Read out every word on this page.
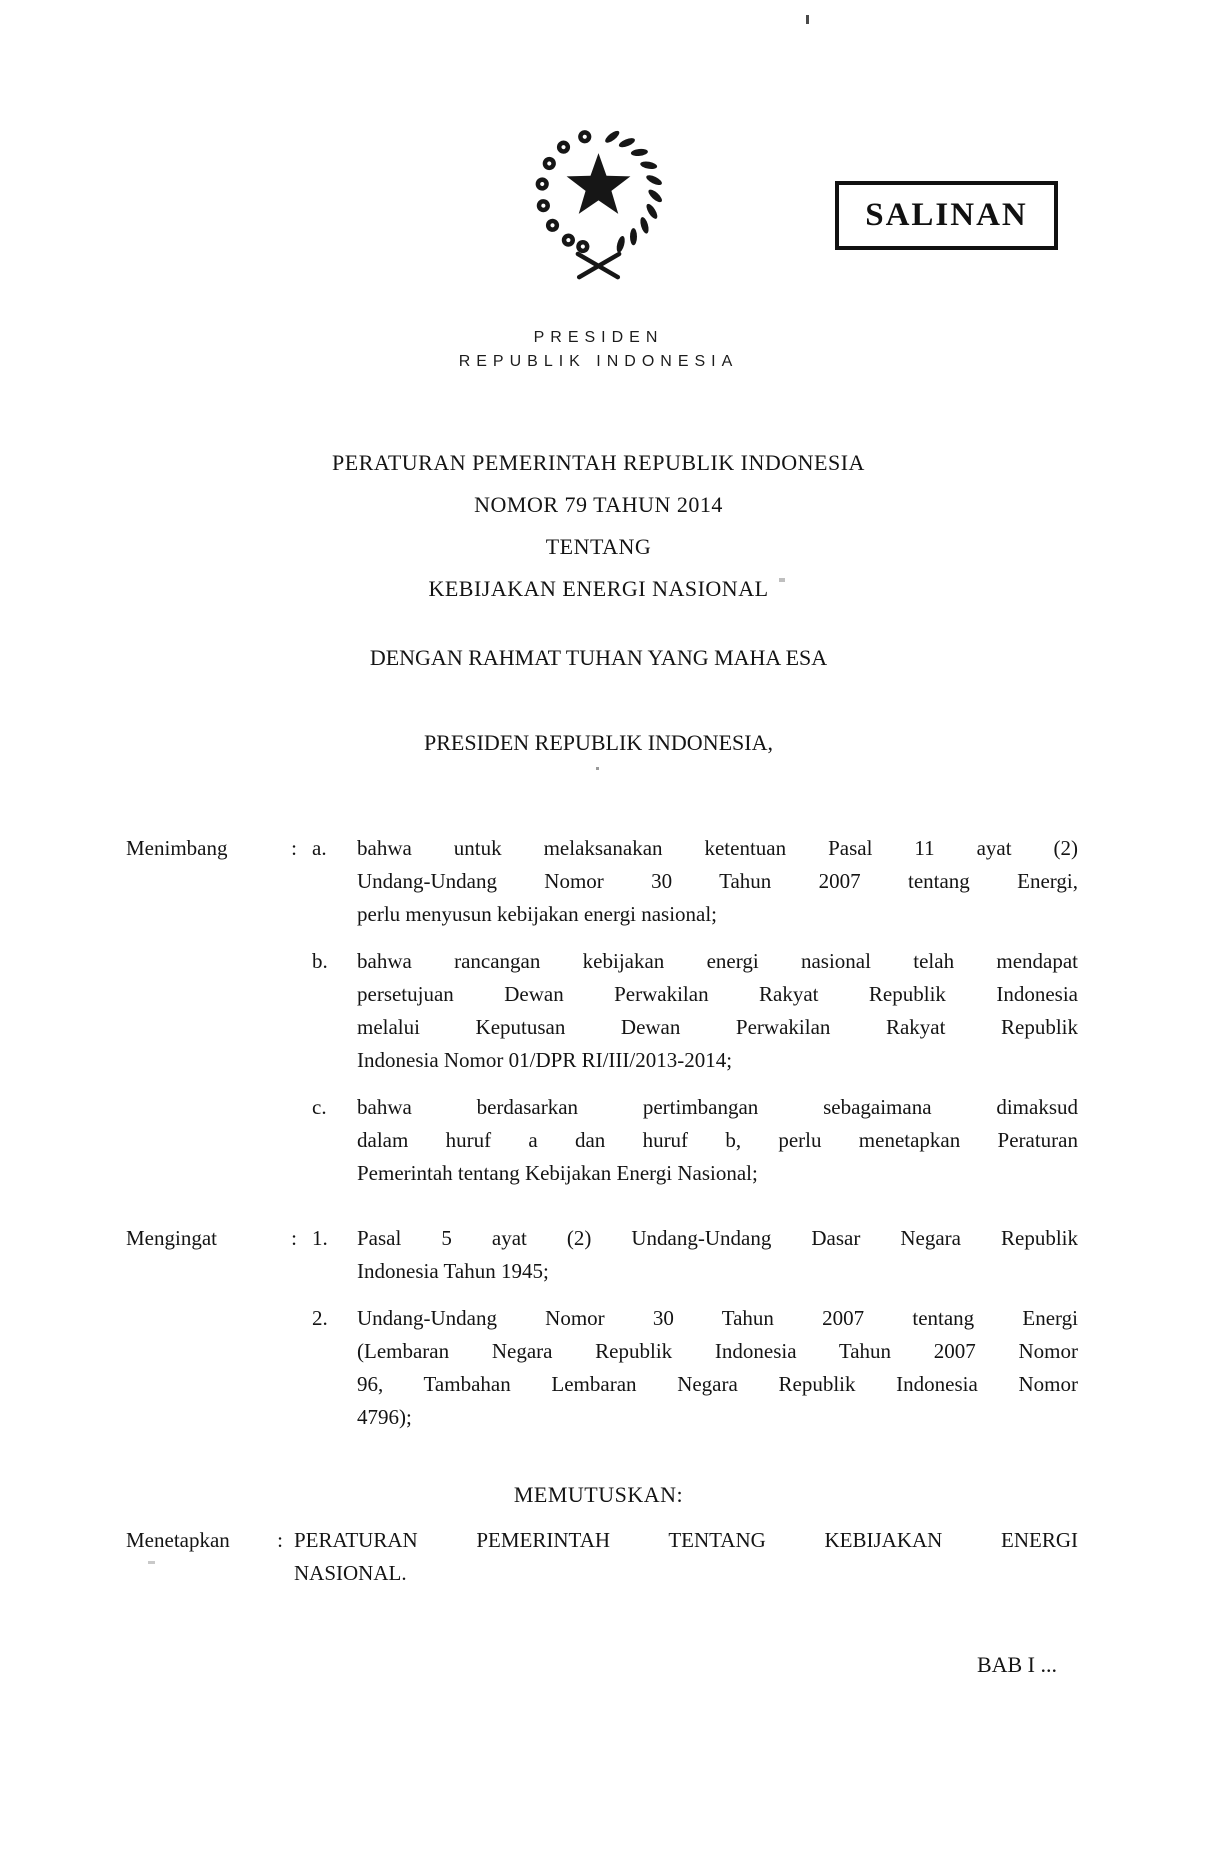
PRESIDEN
REPUBLIK INDONESIA
SALINAN
PERATURAN PEMERINTAH REPUBLIK INDONESIA
NOMOR 79 TAHUN 2014
TENTANG
KEBIJAKAN ENERGI NASIONAL
DENGAN RAHMAT TUHAN YANG MAHA ESA
PRESIDEN REPUBLIK INDONESIA,
Menimbang	: a.	bahwa untuk melaksanakan ketentuan Pasal 11 ayat (2)
Undang-Undang Nomor 30 Tahun 2007 tentang Energi,
perlu menyusun kebijakan energi nasional;
b.	bahwa rancangan kebijakan energi nasional telah mendapat
persetujuan Dewan Perwakilan Rakyat Republik Indonesia
melalui Keputusan Dewan Perwakilan Rakyat Republik
Indonesia Nomor 01/DPR RI/III/2013-2014;
c.	bahwa berdasarkan pertimbangan sebagaimana dimaksud
dalam huruf a dan huruf b, perlu menetapkan Peraturan
Pemerintah tentang Kebijakan Energi Nasional;
Mengingat	: 1.	Pasal 5 ayat (2) Undang-Undang Dasar Negara Republik
Indonesia Tahun 1945;
2.	Undang-Undang Nomor 30 Tahun 2007 tentang Energi
(Lembaran Negara Republik Indonesia Tahun 2007 Nomor
96, Tambahan Lembaran Negara Republik Indonesia Nomor
4796);
MEMUTUSKAN:
Menetapkan	: PERATURAN PEMERINTAH TENTANG KEBIJAKAN ENERGI
NASIONAL.
BAB I ...
